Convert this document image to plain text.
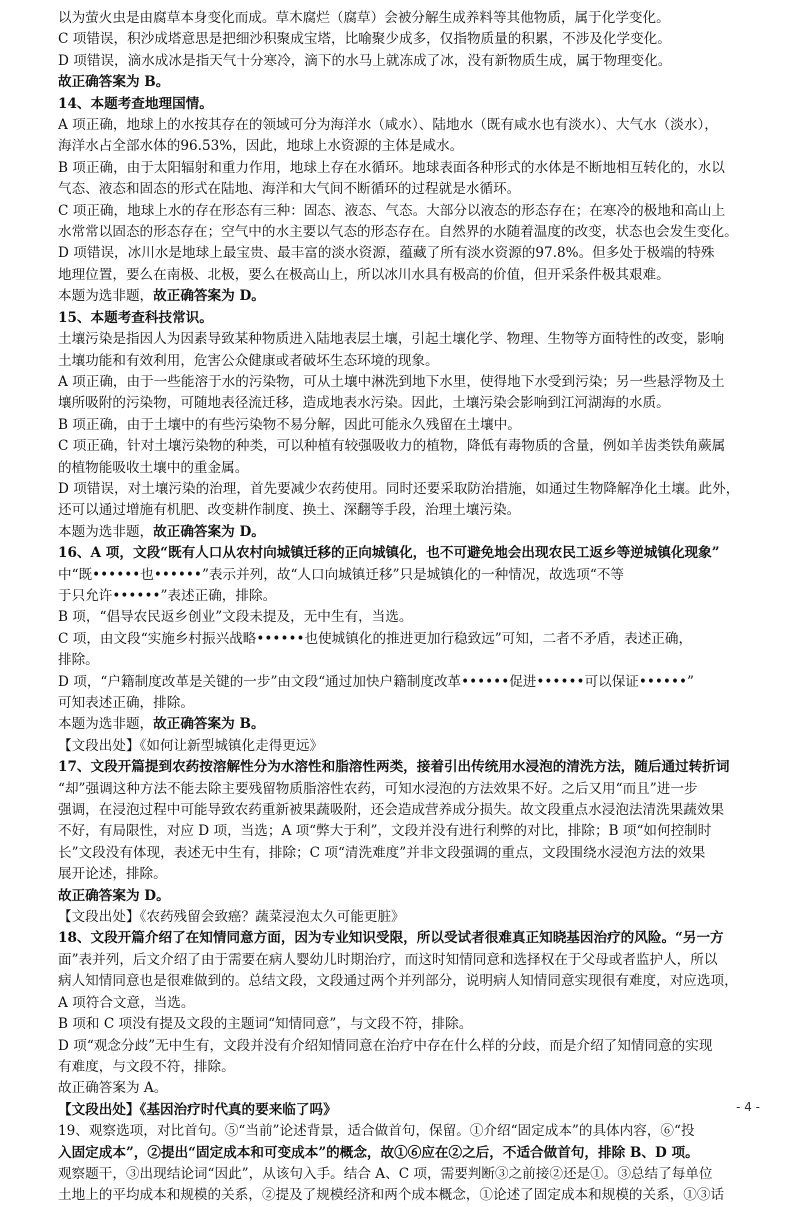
以为萤火虫是由腐草本身变化而成。草木腐烂（腐草）会被分解生成养料等其他物质，属于化学变化。
C 项错误，积沙成塔意思是把细沙积聚成宝塔，比喻聚少成多，仅指物质量的积累，不涉及化学变化。
D 项错误，滴水成冰是指天气十分寒冷，滴下的水马上就冻成了冰，没有新物质生成，属于物理变化。
故正确答案为 B。
14、本题考查地理国情。
A 项正确，地球上的水按其存在的领域可分为海洋水（咸水）、陆地水（既有咸水也有淡水）、大气水（淡水），
海洋水占全部水体的96.53%，因此，地球上水资源的主体是咸水。
B 项正确，由于太阳辐射和重力作用，地球上存在水循环。地球表面各种形式的水体是不断地相互转化的，水以
气态、液态和固态的形式在陆地、海洋和大气间不断循环的过程就是水循环。
C 项正确，地球上水的存在形态有三种：固态、液态、气态。大部分以液态的形态存在；在寒冷的极地和高山上
水常常以固态的形态存在；空气中的水主要以气态的形态存在。自然界的水随着温度的改变，状态也会发生变化。
D 项错误，冰川水是地球上最宝贵、最丰富的淡水资源，蕴藏了所有淡水资源的97.8%。但多处于极端的特殊
地理位置，要么在南极、北极，要么在极高山上，所以冰川水具有极高的价值，但开采条件极其艰难。
本题为选非题，故正确答案为 D。
15、本题考查科技常识。
土壤污染是指因人为因素导致某种物质进入陆地表层土壤，引起土壤化学、物理、生物等方面特性的改变，影响
土壤功能和有效利用，危害公众健康或者破坏生态环境的现象。
A 项正确，由于一些能溶于水的污染物，可从土壤中淋洗到地下水里，使得地下水受到污染；另一些悬浮物及土
壤所吸附的污染物，可随地表径流迁移，造成地表水污染。因此，土壤污染会影响到江河湖海的水质。
B 项正确，由于土壤中的有些污染物不易分解，因此可能永久残留在土壤中。
C 项正确，针对土壤污染物的种类，可以种植有较强吸收力的植物，降低有毒物质的含量，例如羊齿类铁角蕨属
的植物能吸收土壤中的重金属。
D 项错误，对土壤污染的治理，首先要减少农药使用。同时还要采取防治措施，如通过生物降解净化土壤。此外，
还可以通过增施有机肥、改变耕作制度、换土、深翻等手段，治理土壤污染。
本题为选非题，故正确答案为 D。
16、A 项，文段“既有人口从农村向城镇迁移的正向城镇化，也不可避免地会出现农民工返乡等逆城镇化现象”
中“既••••••也••••••”表示并列，故“人口向城镇迁移”只是城镇化的一种情况，故选项“不等
于只允许••••••”表述正确，排除。
B 项，“倡导农民返乡创业”文段未提及，无中生有，当选。
C 项，由文段“实施乡村振兴战略••••••也使城镇化的推进更加行稳致远”可知，二者不矛盾，表述正确，
排除。
D 项，“户籍制度改革是关键的一步”由文段“通过加快户籍制度改革••••••促进••••••可以保证••••••”
可知表述正确，排除。
本题为选非题，故正确答案为 B。
【文段出处】《如何让新型城镇化走得更远》
17、文段开篇提到农药按溶解性分为水溶性和脂溶性两类，接着引出传统用水浸泡的清洗方法，随后通过转折词
“却”强调这种方法不能去除主要残留物质脂溶性农药，可知水浸泡的方法效果不好。之后又用“而且”进一步
强调，在浸泡过程中可能导致农药重新被果蔬吸附，还会造成营养成分损失。故文段重点水浸泡法清洗果蔬效果
不好，有局限性，对应 D 项，当选；A 项“弊大于利”，文段并没有进行利弊的对比，排除；B 项“如何控制时
长”文段没有体现，表述无中生有，排除；C 项“清洗难度”并非文段强调的重点，文段围绕水浸泡方法的效果
展开论述，排除。
故正确答案为 D。
【文段出处】《农药残留会致癌？蔬菜浸泡太久可能更脏》
18、文段开篇介绍了在知情同意方面，因为专业知识受限，所以受试者很难真正知晓基因治疗的风险。“另一方
面”表并列，后文介绍了由于需要在病人婴幼儿时期治疗，而这时知情同意和选择权在于父母或者监护人，所以
病人知情同意也是很难做到的。总结文段，文段通过两个并列部分，说明病人知情同意实现很有难度，对应选项，
A 项符合文意，当选。
B 项和 C 项没有提及文段的主题词“知情同意”，与文段不符，排除。
D 项“观念分歧”无中生有，文段并没有介绍知情同意在治疗中存在什么样的分歧，而是介绍了知情同意的实现
有难度，与文段不符，排除。
故正确答案为 A。
【文段出处】《基因治疗时代真的要来临了吗》
19、观察选项，对比首句。⑤“当前”论述背景，适合做首句，保留。①介绍“固定成本”的具体内容，⑥“投
入固定成本”，②提出“固定成本和可变成本”的概念，故①⑥应在②之后，不适合做首句，排除 B、D 项。
观察题干，③出现结论词“因此”，从该句入手。结合 A、C 项，需要判断③之前接②还是①。③总结了每单位
土地上的平均成本和规模的关系，②提及了规模经济和两个成本概念，①论述了固定成本和规模的关系，①③话
- 4 -
